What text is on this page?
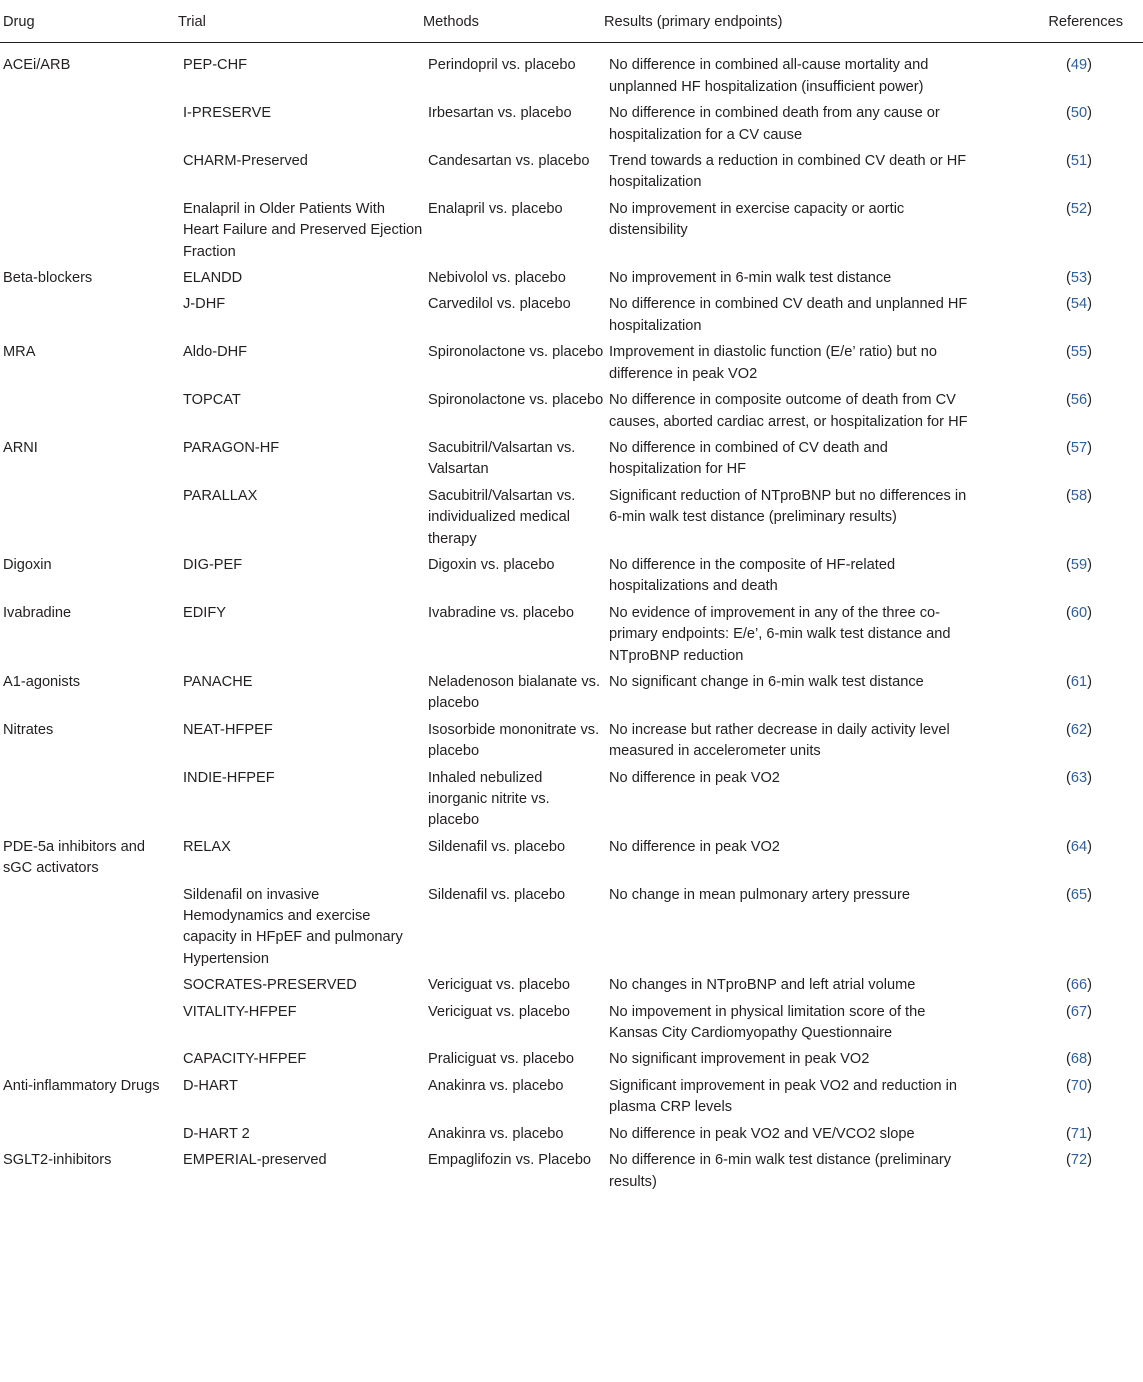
Drug	Trial	Methods	Results (primary endpoints)	References
ACEi/ARB	PEP-CHF	Perindopril vs. placebo	No difference in combined all-cause mortality and unplanned HF hospitalization (insufficient power)	(49)
	I-PRESERVE	Irbesartan vs. placebo	No difference in combined death from any cause or hospitalization for a CV cause	(50)
	CHARM-Preserved	Candesartan vs. placebo	Trend towards a reduction in combined CV death or HF hospitalization	(51)
	Enalapril in Older Patients With Heart Failure and Preserved Ejection Fraction	Enalapril vs. placebo	No improvement in exercise capacity or aortic distensibility	(52)
Beta-blockers	ELANDD	Nebivolol vs. placebo	No improvement in 6-min walk test distance	(53)
	J-DHF	Carvedilol vs. placebo	No difference in combined CV death and unplanned HF hospitalization	(54)
MRA	Aldo-DHF	Spironolactone vs. placebo	Improvement in diastolic function (E/e’ ratio) but no difference in peak VO2	(55)
	TOPCAT	Spironolactone vs. placebo	No difference in composite outcome of death from CV causes, aborted cardiac arrest, or hospitalization for HF	(56)
ARNI	PARAGON-HF	Sacubitril/Valsartan vs. Valsartan	No difference in combined of CV death and hospitalization for HF	(57)
	PARALLAX	Sacubitril/Valsartan vs. individualized medical therapy	Significant reduction of NTproBNP but no differences in 6-min walk test distance (preliminary results)	(58)
Digoxin	DIG-PEF	Digoxin vs. placebo	No difference in the composite of HF-related hospitalizations and death	(59)
Ivabradine	EDIFY	Ivabradine vs. placebo	No evidence of improvement in any of the three co-primary endpoints: E/e’, 6-min walk test distance and NTproBNP reduction	(60)
A1-agonists	PANACHE	Neladenoson bialanate vs. placebo	No significant change in 6-min walk test distance	(61)
Nitrates	NEAT-HFPEF	Isosorbide mononitrate vs. placebo	No increase but rather decrease in daily activity level measured in accelerometer units	(62)
	INDIE-HFPEF	Inhaled nebulized inorganic nitrite vs. placebo	No difference in peak VO2	(63)
PDE-5a inhibitors and sGC activators	RELAX	Sildenafil vs. placebo	No difference in peak VO2	(64)
	Sildenafil on invasive Hemodynamics and exercise capacity in HFpEF and pulmonary Hypertension	Sildenafil vs. placebo	No change in mean pulmonary artery pressure	(65)
	SOCRATES-PRESERVED	Vericiguat vs. placebo	No changes in NTproBNP and left atrial volume	(66)
	VITALITY-HFPEF	Vericiguat vs. placebo	No impovement in physical limitation score of the Kansas City Cardiomyopathy Questionnaire	(67)
	CAPACITY-HFPEF	Praliciguat vs. placebo	No significant improvement in peak VO2	(68)
Anti-inflammatory Drugs	D-HART	Anakinra vs. placebo	Significant improvement in peak VO2 and reduction in plasma CRP levels	(70)
	D-HART 2	Anakinra vs. placebo	No difference in peak VO2 and VE/VCO2 slope	(71)
SGLT2-inhibitors	EMPERIAL-preserved	Empaglifozin vs. Placebo	No difference in 6-min walk test distance (preliminary results)	(72)
